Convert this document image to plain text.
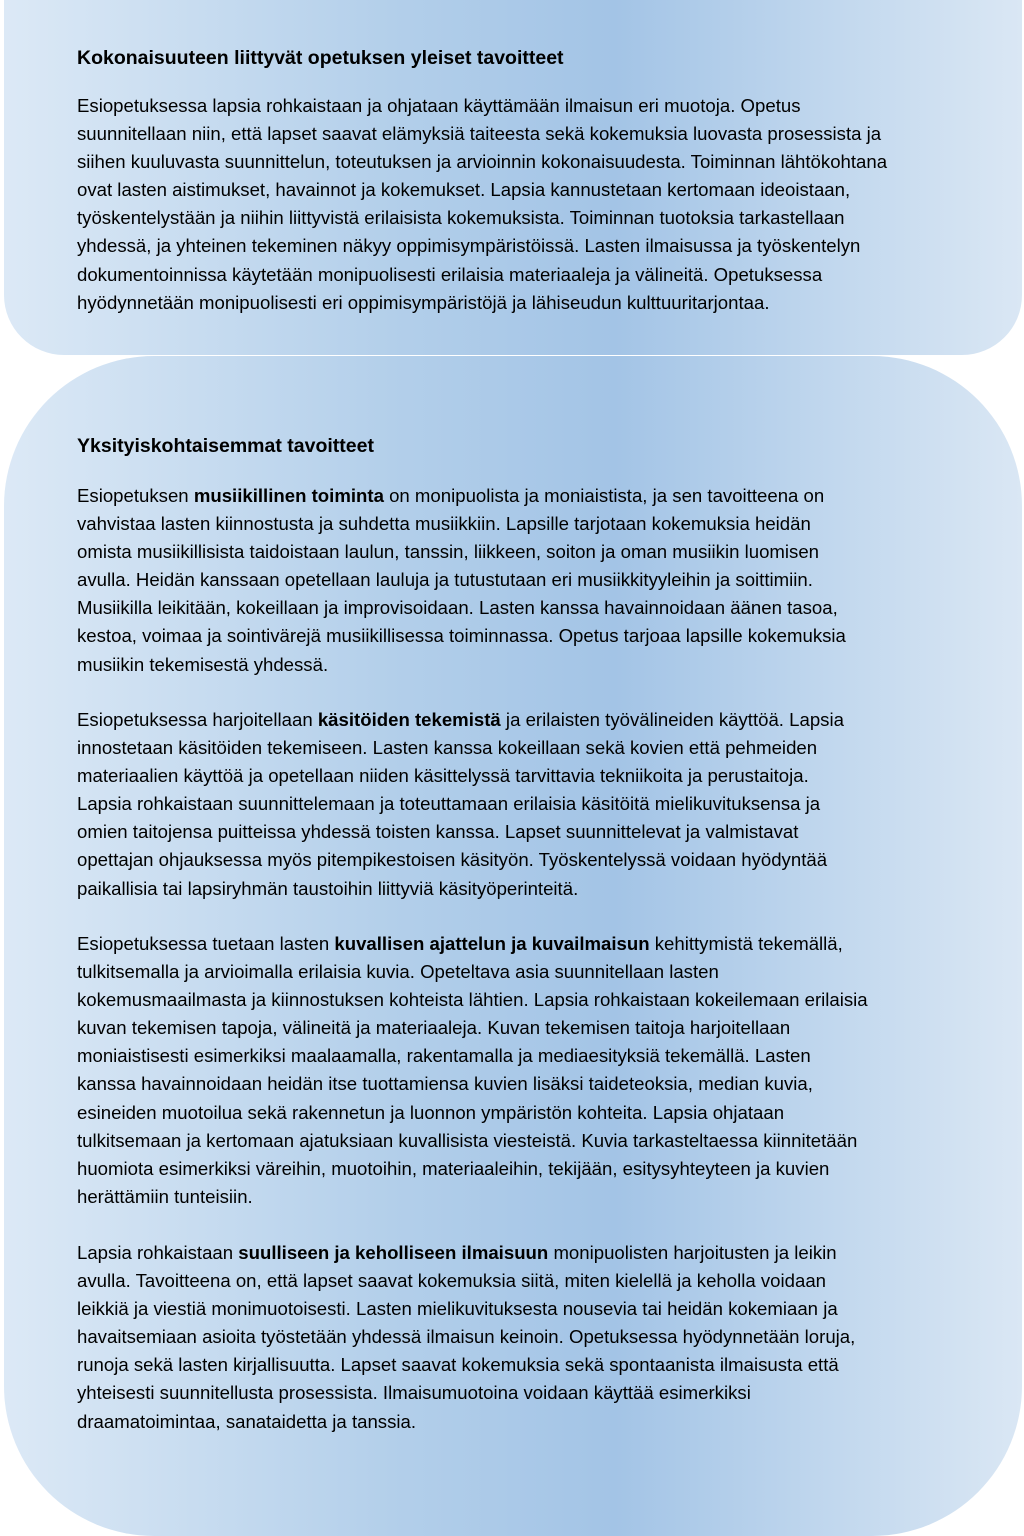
Kokonaisuuteen liittyvät opetuksen yleiset tavoitteet
Esiopetuksessa lapsia rohkaistaan ja ohjataan käyttämään ilmaisun eri muotoja. Opetus
suunnitellaan niin, että lapset saavat elämyksiä taiteesta sekä kokemuksia luovasta prosessista ja
siihen kuuluvasta suunnittelun, toteutuksen ja arvioinnin kokonaisuudesta. Toiminnan lähtökohtana
ovat lasten aistimukset, havainnot ja kokemukset. Lapsia kannustetaan kertomaan ideoistaan,
työskentelystään ja niihin liittyvistä erilaisista kokemuksista. Toiminnan tuotoksia tarkastellaan
yhdessä, ja yhteinen tekeminen näkyy oppimisympäristöissä. Lasten ilmaisussa ja työskentelyn
dokumentoinnissa käytetään monipuolisesti erilaisia materiaaleja ja välineitä. Opetuksessa
hyödynnetään monipuolisesti eri oppimisympäristöjä ja lähiseudun kulttuuritarjontaa.
Yksityiskohtaisemmat tavoitteet
Esiopetuksen musiikillinen toiminta on monipuolista ja moniaistista, ja sen tavoitteena on
vahvistaa lasten kiinnostusta ja suhdetta musiikkiin. Lapsille tarjotaan kokemuksia heidän
omista musiikillisista taidoistaan laulun, tanssin, liikkeen, soiton ja oman musiikin luomisen
avulla. Heidän kanssaan opetellaan lauluja ja tutustutaan eri musiikkityyleihin ja soittimiin.
Musiikilla leikitään, kokeillaan ja improvisoidaan. Lasten kanssa havainnoidaan äänen tasoa,
kestoa, voimaa ja sointivärejä musiikillisessa toiminnassa. Opetus tarjoaa lapsille kokemuksia
musiikin tekemisestä yhdessä.
Esiopetuksessa harjoitellaan käsitöiden tekemistä ja erilaisten työvälineiden käyttöä. Lapsia
innostetaan käsitöiden tekemiseen. Lasten kanssa kokeillaan sekä kovien että pehmeiden
materiaalien käyttöä ja opetellaan niiden käsittelyssä tarvittavia tekniikoita ja perustaitoja.
Lapsia rohkaistaan suunnittelemaan ja toteuttamaan erilaisia käsitöitä mielikuvituksensa ja
omien taitojensa puitteissa yhdessä toisten kanssa. Lapset suunnittelevat ja valmistavat
opettajan ohjauksessa myös pitempikestoisen käsityön. Työskentelyssä voidaan hyödyntää
paikallisia tai lapsiryhmän taustoihin liittyviä käsityöperinteitä.
Esiopetuksessa tuetaan lasten kuvallisen ajattelun ja kuvailmaisun kehittymistä tekemällä,
tulkitsemalla ja arvioimalla erilaisia kuvia. Opeteltava asia suunnitellaan lasten
kokemusmaailmasta ja kiinnostuksen kohteista lähtien. Lapsia rohkaistaan kokeilemaan erilaisia
kuvan tekemisen tapoja, välineitä ja materiaaleja. Kuvan tekemisen taitoja harjoitellaan
moniaistisesti esimerkiksi maalaamalla, rakentamalla ja mediaesityksiä tekemällä. Lasten
kanssa havainnoidaan heidän itse tuottamiensa kuvien lisäksi taideteoksia, median kuvia,
esineiden muotoilua sekä rakennetun ja luonnon ympäristön kohteita. Lapsia ohjataan
tulkitsemaan ja kertomaan ajatuksiaan kuvallisista viesteistä. Kuvia tarkasteltaessa kiinnitetään
huomiota esimerkiksi väreihin, muotoihin, materiaaleihin, tekijään, esitysyhteyteen ja kuvien
herättämiin tunteisiin.
Lapsia rohkaistaan suulliseen ja keholliseen ilmaisuun monipuolisten harjoitusten ja leikin
avulla. Tavoitteena on, että lapset saavat kokemuksia siitä, miten kielellä ja keholla voidaan
leikkiä ja viestiä monimuotoisesti. Lasten mielikuvituksesta nousevia tai heidän kokemiaan ja
havaitsemiaan asioita työstetään yhdessä ilmaisun keinoin. Opetuksessa hyödynnetään loruja,
runoja sekä lasten kirjallisuutta. Lapset saavat kokemuksia sekä spontaanista ilmaisusta että
yhteisesti suunnitellusta prosessista. Ilmaisumuotoina voidaan käyttää esimerkiksi
draamatoimintaa, sanataidetta ja tanssia.
